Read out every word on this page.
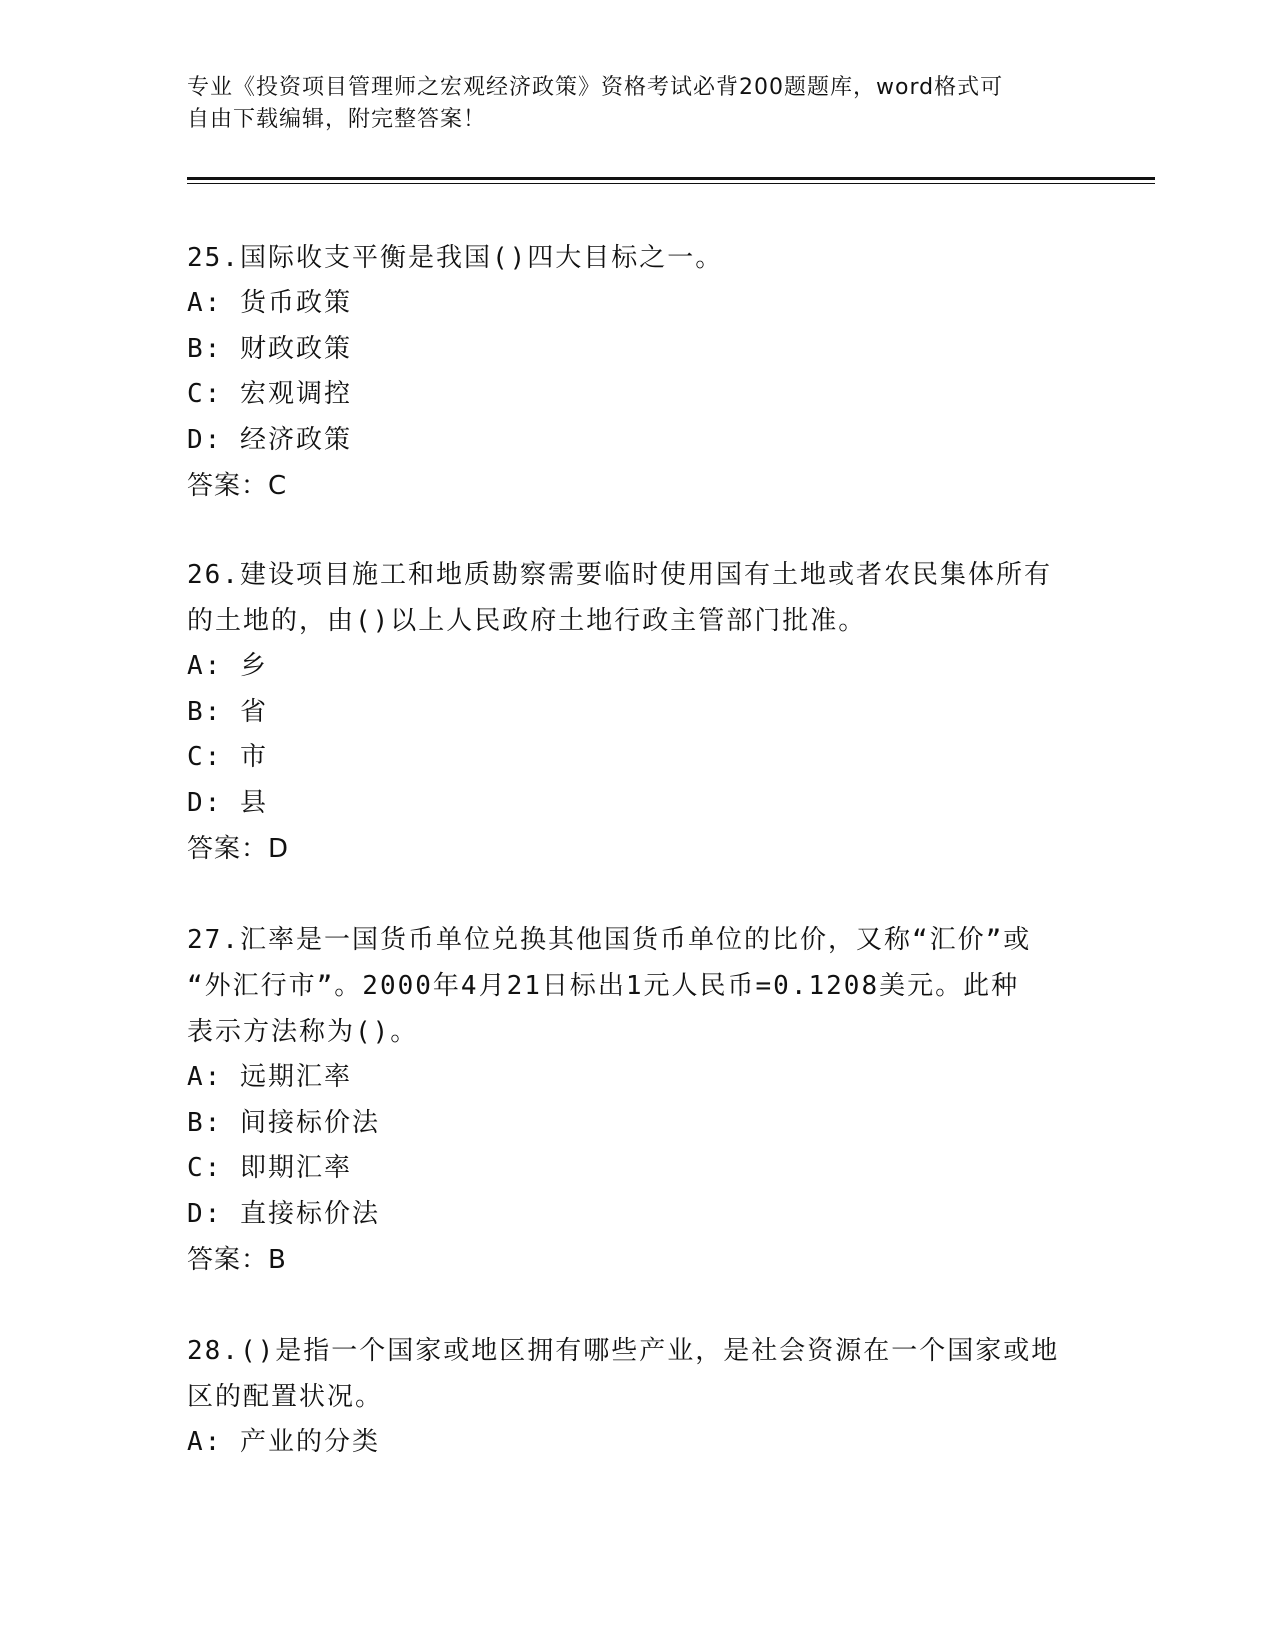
专业《投资项目管理师之宏观经济政策》资格考试必背200题题库，word格式可
自由下载编辑，附完整答案！

25.国际收支平衡是我国()四大目标之一。

A: 货币政策

B: 财政政策

C: 宏观调控

D: 经济政策

答案：C

26.建设项目施工和地质勘察需要临时使用国有土地或者农民集体所有

的土地的，由()以上人民政府土地行政主管部门批准。

A: 乡

B: 省

C: 市

D: 县

答案：D

27.汇率是一国货币单位兑换其他国货币单位的比价，又称“汇价”或

“外汇行市”。2000年4月21日标出1元人民币=0.1208美元。此种

表示方法称为()。

A: 远期汇率

B: 间接标价法

C: 即期汇率

D: 直接标价法

答案：B

28.()是指一个国家或地区拥有哪些产业，是社会资源在一个国家或地

区的配置状况。

A: 产业的分类
